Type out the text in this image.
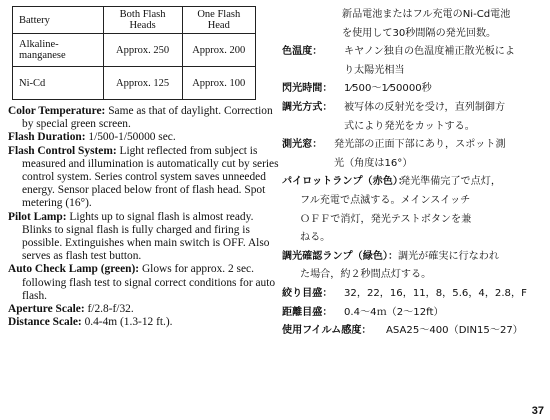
Battery	Both Flash Heads	One Flash Head
Alkaline-manganese	Approx. 250	Approx. 200
Ni-Cd	Approx. 125	Approx. 100

Color Temperature: Same as that of daylight. Correction by special green screen.

Flash Duration: 1/500-1/50000 sec.

Flash Control System: Light reflected from subject is measured and illumination is automatically cut by series control system. Series control system saves unneeded energy. Sensor placed below front of flash head. Spot metering (16°).

Pilot Lamp: Lights up to signal flash is almost ready. Blinks to signal flash is fully charged and firing is possible. Extinguishes when main switch is OFF. Also serves as flash test button.

Auto Check Lamp (green): Glows for approx. 2 sec. following flash test to signal correct conditions for auto flash.

Aperture Scale: f/2.8-f/32.

Distance Scale: 0.4-4m (1.3-12 ft.).

新品電池またはフル充電のNi-Cd電池
を使用して30秒間隔の発光回数。

色温度： キヤノン独自の色温度補正散光板によ
り太陽光相当

閃光時間： 1⁄500～1⁄50000秒

調光方式： 被写体の反射光を受け，直列制御方
式により発光をカットする。

測光窓： 発光部の正面下部にあり，スポット測
光（角度は16°）

パイロットランプ（赤色）：
発光準備完了で点灯，

フル充電で点滅する。メインスイッチ
ＯＦＦで消灯，発光テストボタンを兼
ねる。

調光確認ランプ（緑色）： 調光が確実に行なわれ

た場合，約２秒間点灯する。

絞り目盛： 32，22，16，11，8，5.6，4，2.8，F

距離目盛： 0.4～4ｍ（2～12ft）

使用フイルム感度： ASA25～400（DIN15～27）

37
